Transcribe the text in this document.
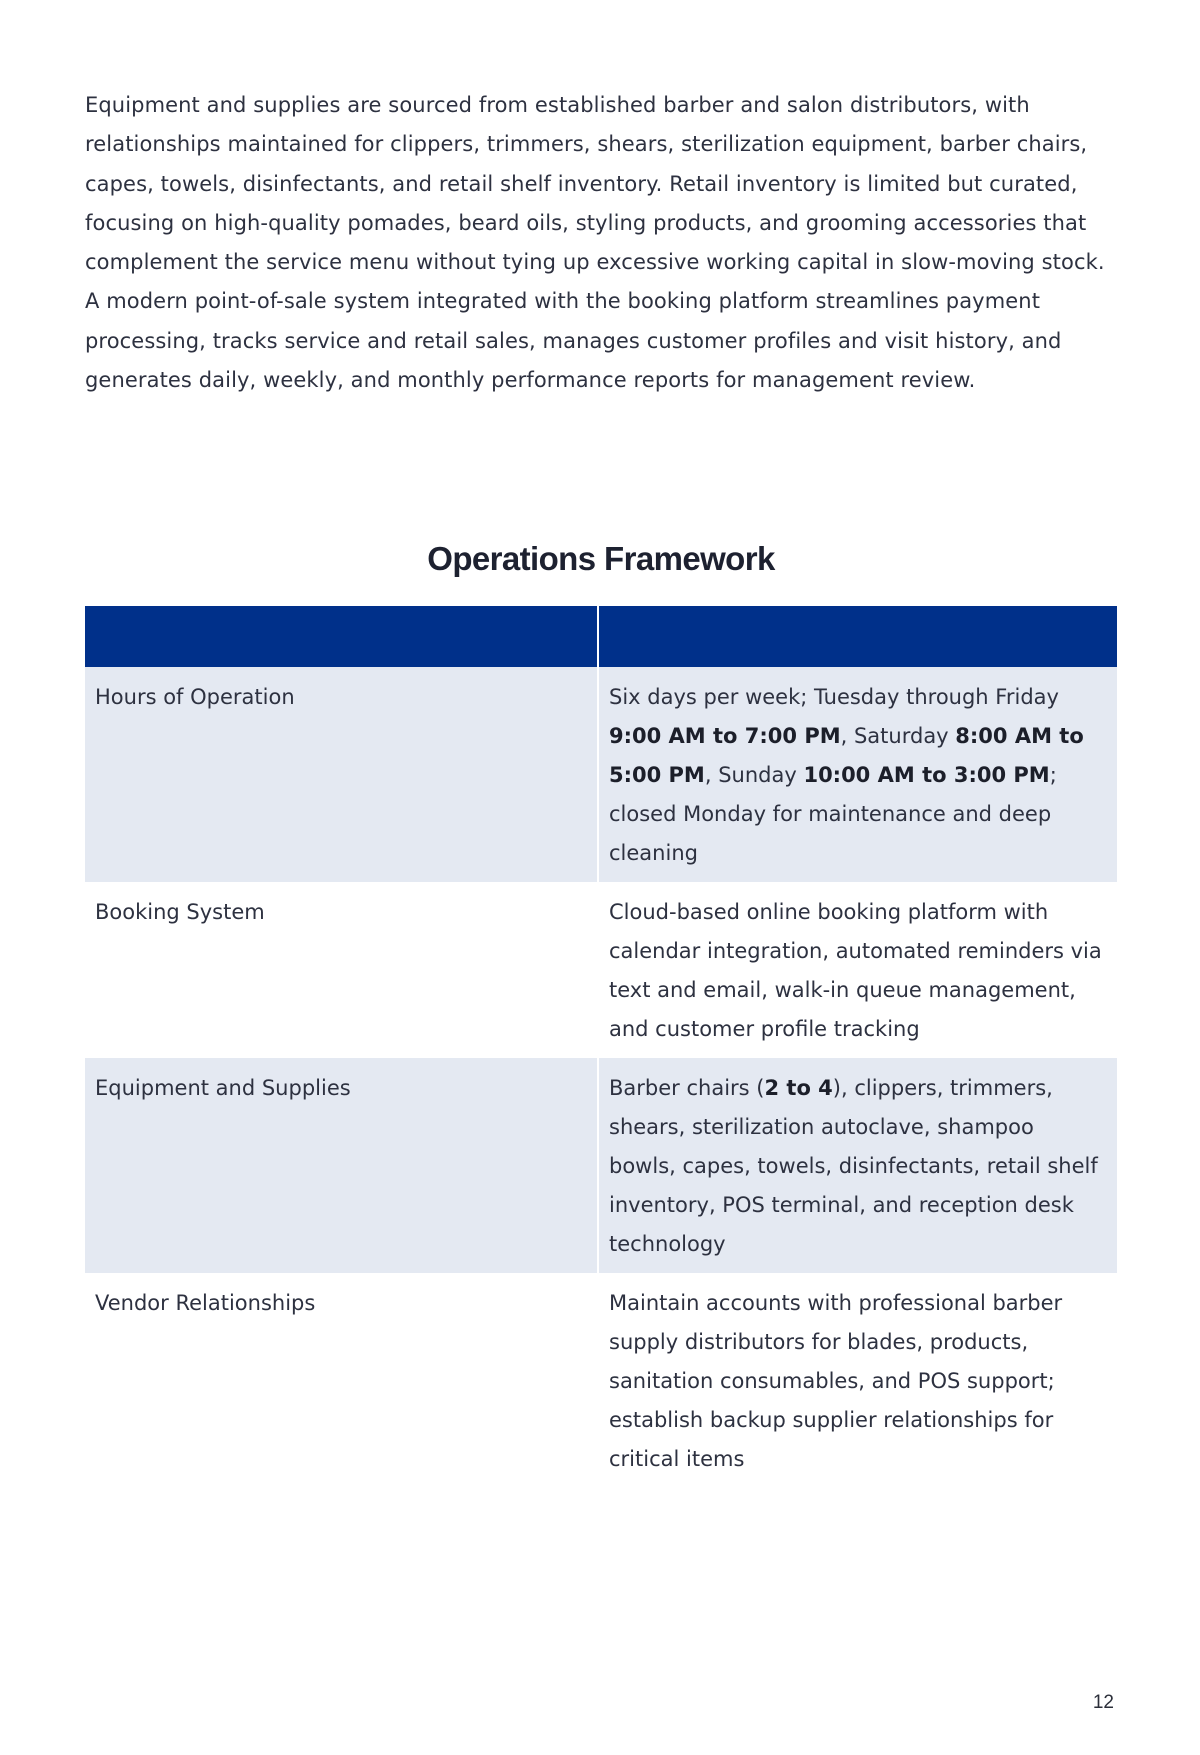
Equipment and supplies are sourced from established barber and salon distributors, with relationships maintained for clippers, trimmers, shears, sterilization equipment, barber chairs, capes, towels, disinfectants, and retail shelf inventory. Retail inventory is limited but curated, focusing on high-quality pomades, beard oils, styling products, and grooming accessories that complement the service menu without tying up excessive working capital in slow-moving stock. A modern point-of-sale system integrated with the booking platform streamlines payment processing, tracks service and retail sales, manages customer profiles and visit history, and generates daily, weekly, and monthly performance reports for management review.

Operations Framework

Hours of Operation	Six days per week; Tuesday through Friday 9:00 AM to 7:00 PM, Saturday 8:00 AM to 5:00 PM, Sunday 10:00 AM to 3:00 PM; closed Monday for maintenance and deep cleaning
Booking System	Cloud-based online booking platform with calendar integration, automated reminders via text and email, walk-in queue management, and customer profile tracking
Equipment and Supplies	Barber chairs (2 to 4), clippers, trimmers, shears, sterilization autoclave, shampoo bowls, capes, towels, disinfectants, retail shelf inventory, POS terminal, and reception desk technology
Vendor Relationships	Maintain accounts with professional barber supply distributors for blades, products, sanitation consumables, and POS support; establish backup supplier relationships for critical items
12
